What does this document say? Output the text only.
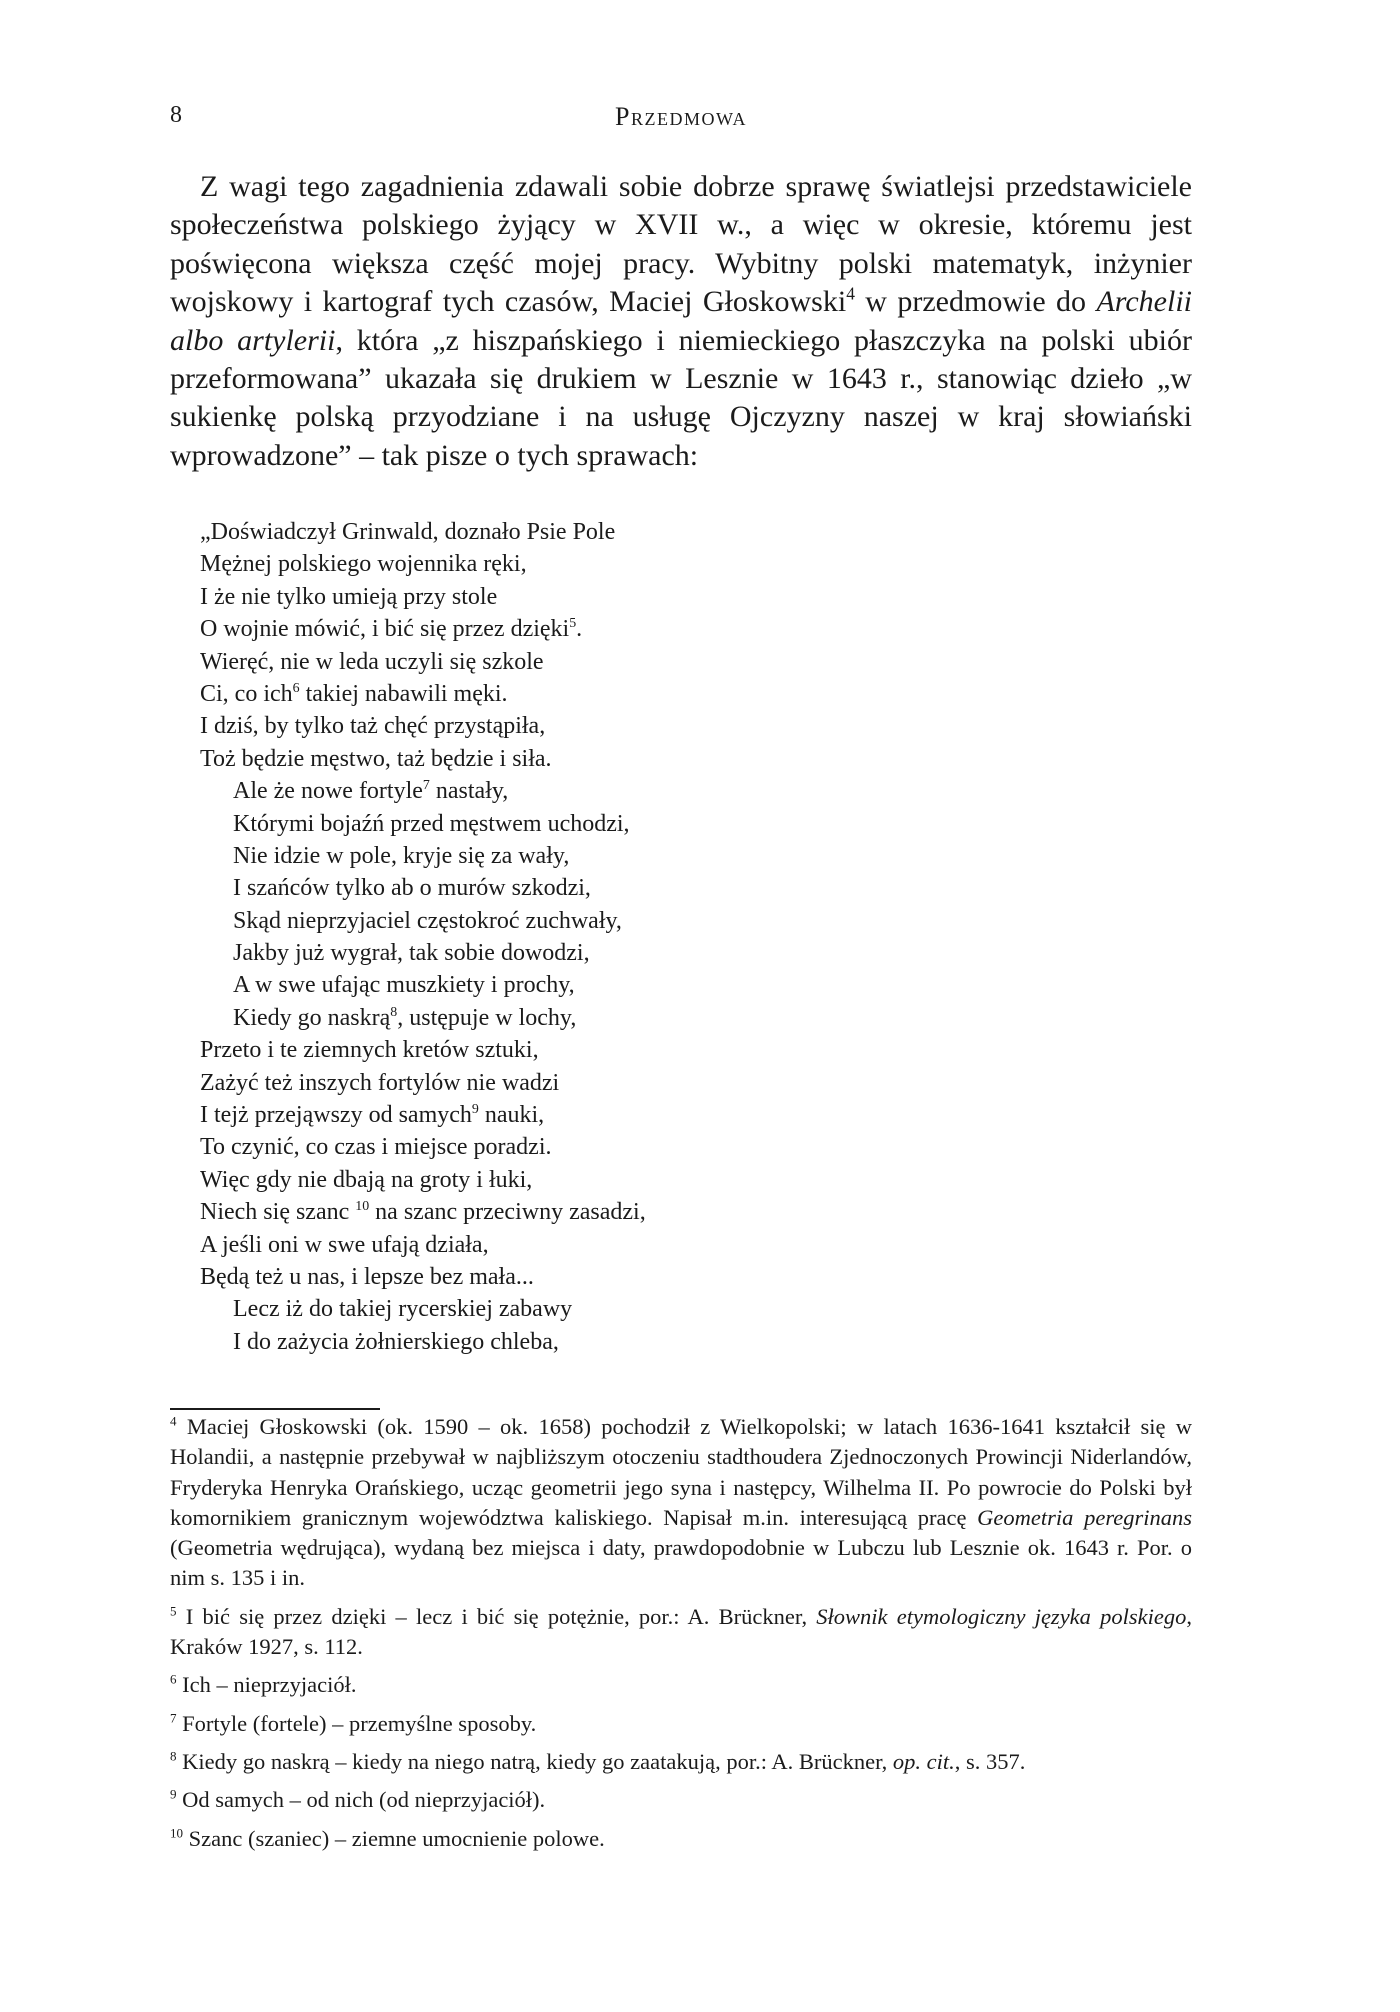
8	Przedmowa

Z wagi tego zagadnienia zdawali sobie dobrze sprawę światlejsi przedstawiciele społeczeństwa polskiego żyjący w XVII w., a więc w okresie, któremu jest poświęcona większa część mojej pracy. Wybitny polski matematyk, inżynier wojskowy i kartograf tych czasów, Maciej Głoskowski$^4$ w przedmowie do Archelii albo artylerii, która „z hiszpańskiego i niemieckiego płaszczyka na polski ubiór przeformowana” ukazała się drukiem w Lesznie w 1643 r., stanowiąc dzieło „w sukienkę polską przyodziane i na usługę Ojczyzny naszej w kraj słowiański wprowadzone” – tak pisze o tych sprawach:

„Doświadczył Grinwald, doznało Psie Pole
Mężnej polskiego wojennika ręki,
I że nie tylko umieją przy stole
O wojnie mówić, i bić się przez dzięki$^5$.
Wieręć, nie w leda uczyli się szkole
Ci, co ich$^6$ takiej nabawili męki.
I dziś, by tylko taż chęć przystąpiła,
Toż będzie męstwo, taż będzie i siła.
Ale że nowe fortyle$^7$ nastały,
Którymi bojaźń przed męstwem uchodzi,
Nie idzie w pole, kryje się za wały,
I szańców tylko ab o murów szkodzi,
Skąd nieprzyjaciel częstokroć zuchwały,
Jakby już wygrał, tak sobie dowodzi,
A w swe ufając muszkiety i prochy,
Kiedy go naskrą$^8$, ustępuje w lochy,
Przeto i te ziemnych kretów sztuki,
Zażyć też inszych fortylów nie wadzi
I tejż przejąwszy od samych$^9$ nauki,
To czynić, co czas i miejsce poradzi.
Więc gdy nie dbają na groty i łuki,
Niech się szanc $^{10}$ na szanc przeciwny zasadzi,
A jeśli oni w swe ufają działa,
Będą też u nas, i lepsze bez mała...
Lecz iż do takiej rycerskiej zabawy
I do zażycia żołnierskiego chleba,

$^4$ Maciej Głoskowski (ok. 1590 – ok. 1658) pochodził z Wielkopolski; w latach 1636-1641 kształcił się w Holandii, a następnie przebywał w najbliższym otoczeniu stadthoudera Zjednoczonych Prowincji Niderlandów, Fryderyka Henryka Orańskiego, ucząc geometrii jego syna i następcy, Wilhelma II. Po powrocie do Polski był komornikiem granicznym województwa kaliskiego. Napisał m.in. interesującą pracę Geometria peregrinans (Geometria wędrująca), wydaną bez miejsca i daty, prawdopodobnie w Lubczu lub Lesznie ok. 1643 r. Por. o nim s. 135 i in.

$^5$ I bić się przez dzięki – lecz i bić się potężnie, por.: A. Brückner, Słownik etymologiczny języka polskiego, Kraków 1927, s. 112.

$^6$ Ich – nieprzyjaciół.

$^7$ Fortyle (fortele) – przemyślne sposoby.

$^8$ Kiedy go naskrą – kiedy na niego natrą, kiedy go zaatakują, por.: A. Brückner, op. cit., s. 357.

$^9$ Od samych – od nich (od nieprzyjaciół).

$^{10}$ Szanc (szaniec) – ziemne umocnienie polowe.
